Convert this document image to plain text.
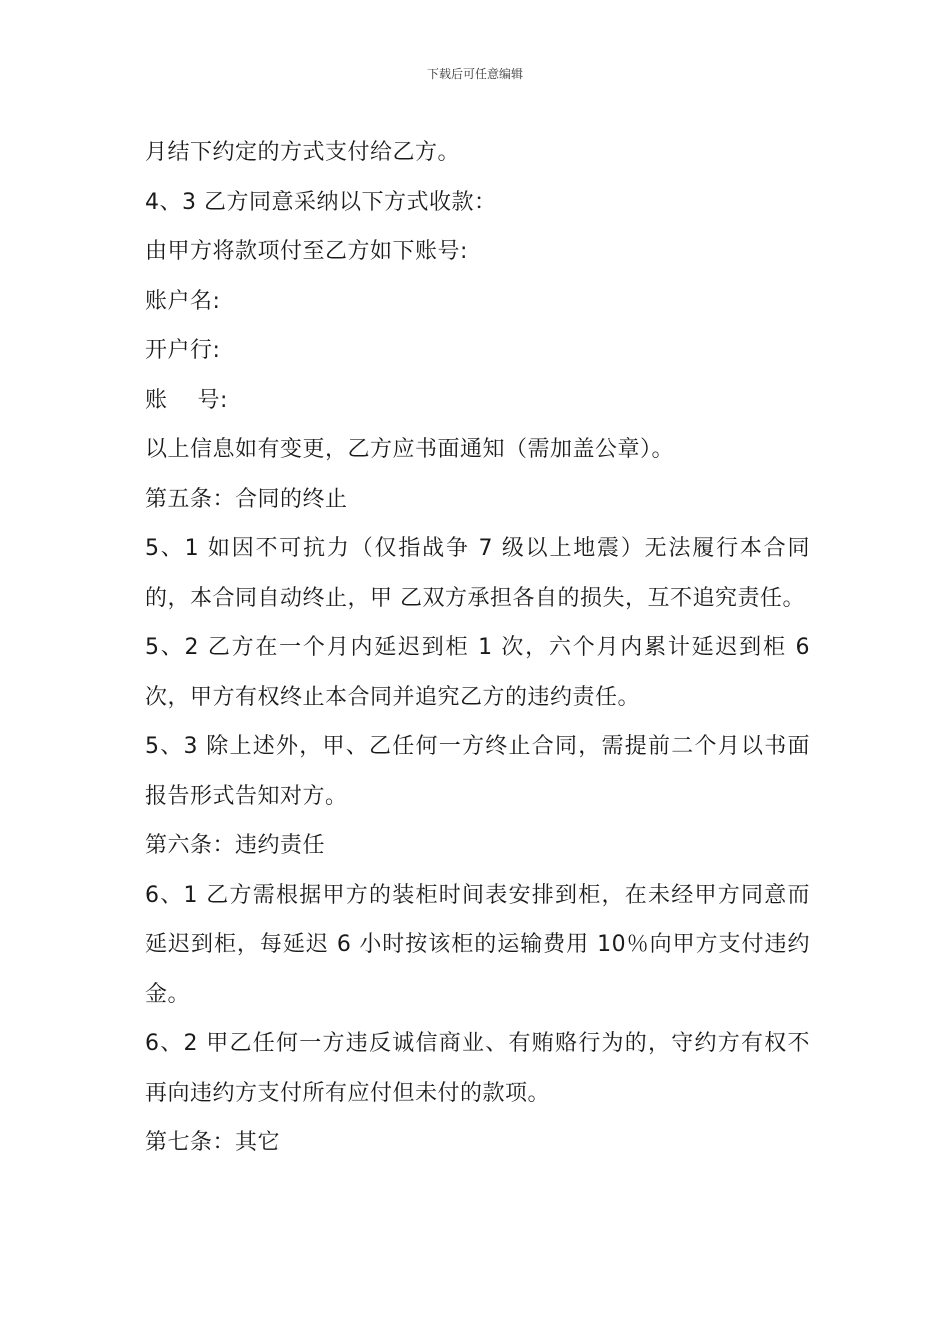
下载后可任意编辑

月结下约定的方式支付给乙方。

4、3 乙方同意采纳以下方式收款：

由甲方将款项付至乙方如下账号:

账户名:

开户行:

账　 号:

以上信息如有变更，乙方应书面通知（需加盖公章）。

第五条：合同的终止

5、1 如因不可抗力（仅指战争 7 级以上地震）无法履行本合同的，本合同自动终止，甲 乙双方承担各自的损失，互不追究责任。

5、2 乙方在一个月内延迟到柜 1 次，六个月内累计延迟到柜 6 次，甲方有权终止本合同并追究乙方的违约责任。

5、3 除上述外，甲、乙任何一方终止合同，需提前二个月以书面报告形式告知对方。

第六条：违约责任

6、1 乙方需根据甲方的装柜时间表安排到柜，在未经甲方同意而延迟到柜，每延迟 6 小时按该柜的运输费用 10％向甲方支付违约金。

6、2 甲乙任何一方违反诚信商业、有贿赂行为的，守约方有权不再向违约方支付所有应付但未付的款项。

第七条：其它
